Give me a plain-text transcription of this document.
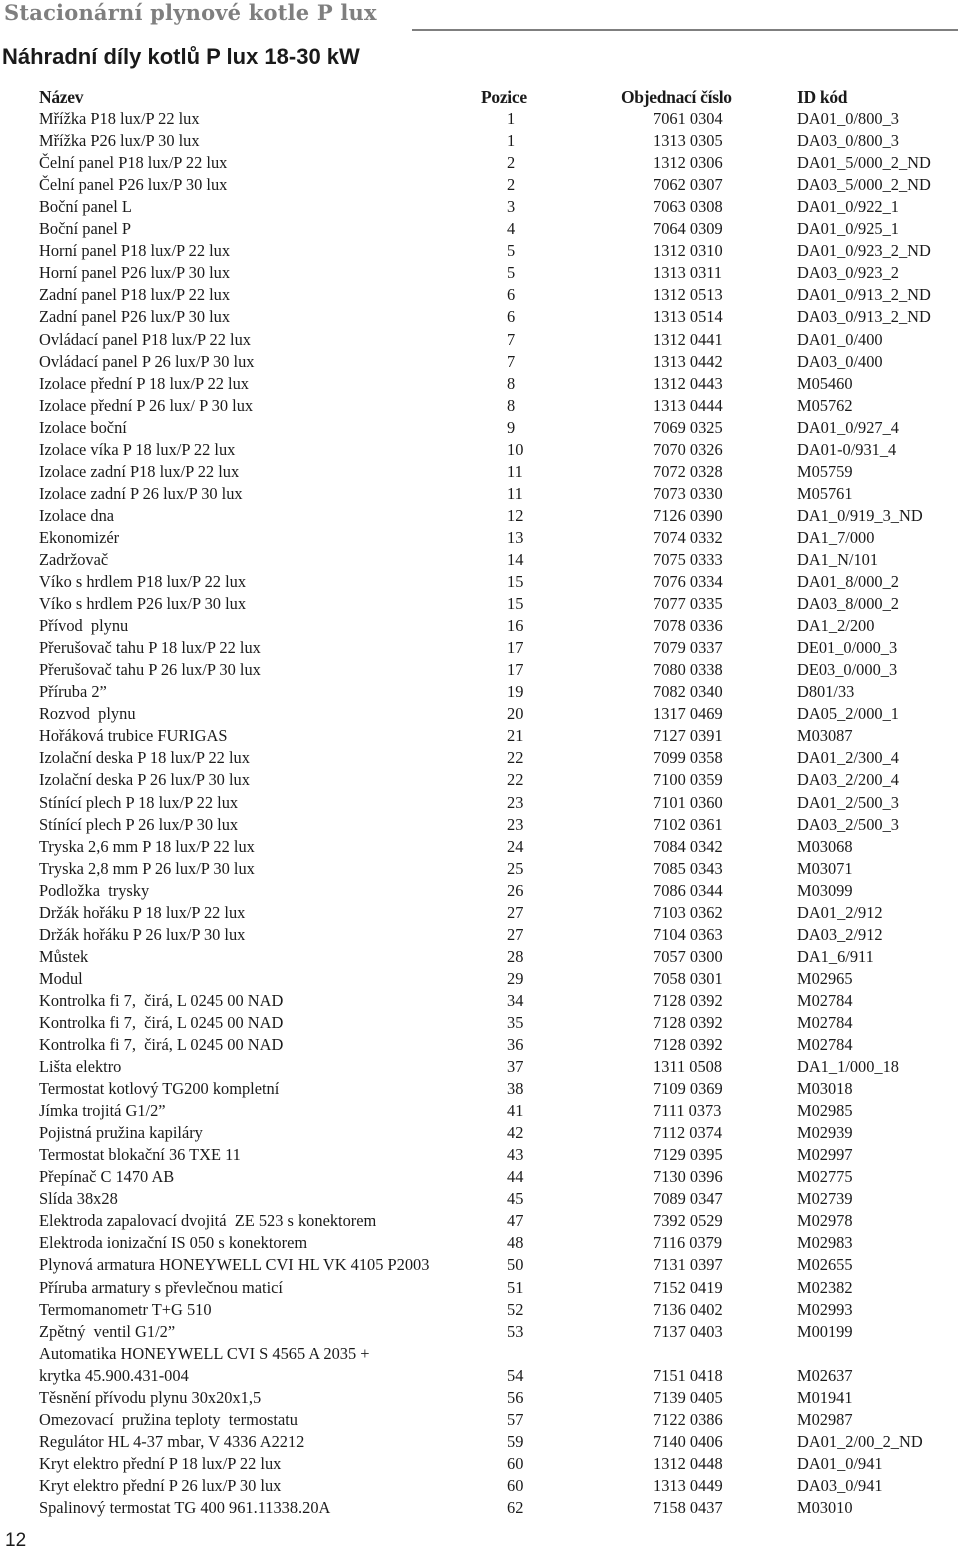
Stacionární plynové kotle P lux
Náhradní díly kotlů P lux 18-30 kW
Název	Pozice	Objednací číslo	ID kód
Mřížka P18 lux/P 22 lux	1	7061 0304	DA01_0/800_3
Mřížka P26 lux/P 30 lux	1	1313 0305	DA03_0/800_3
Čelní panel P18 lux/P 22 lux	2	1312 0306	DA01_5/000_2_ND
Čelní panel P26 lux/P 30 lux	2	7062 0307	DA03_5/000_2_ND
Boční panel L	3	7063 0308	DA01_0/922_1
Boční panel P	4	7064 0309	DA01_0/925_1
Horní panel P18 lux/P 22 lux	5	1312 0310	DA01_0/923_2_ND
Horní panel P26 lux/P 30 lux	5	1313 0311	DA03_0/923_2
Zadní panel P18 lux/P 22 lux	6	1312 0513	DA01_0/913_2_ND
Zadní panel P26 lux/P 30 lux	6	1313 0514	DA03_0/913_2_ND
Ovládací panel P18 lux/P 22 lux	7	1312 0441	DA01_0/400
Ovládací panel P 26 lux/P 30 lux	7	1313 0442	DA03_0/400
Izolace přední P 18 lux/P 22 lux	8	1312 0443	M05460
Izolace přední P 26 lux/ P 30 lux	8	1313 0444	M05762
Izolace boční	9	7069 0325	DA01_0/927_4
Izolace víka P 18 lux/P 22 lux	10	7070 0326	DA01-0/931_4
Izolace zadní P18 lux/P 22 lux	11	7072 0328	M05759
Izolace zadní P 26 lux/P 30 lux	11	7073 0330	M05761
Izolace dna	12	7126 0390	DA1_0/919_3_ND
Ekonomizér	13	7074 0332	DA1_7/000
Zadržovač	14	7075 0333	DA1_N/101
Víko s hrdlem P18 lux/P 22 lux	15	7076 0334	DA01_8/000_2
Víko s hrdlem P26 lux/P 30 lux	15	7077 0335	DA03_8/000_2
Přívod  plynu	16	7078 0336	DA1_2/200
Přerušovač tahu P 18 lux/P 22 lux	17	7079 0337	DE01_0/000_3
Přerušovač tahu P 26 lux/P 30 lux	17	7080 0338	DE03_0/000_3
Příruba 2”	19	7082 0340	D801/33
Rozvod  plynu	20	1317 0469	DA05_2/000_1
Hořáková trubice FURIGAS	21	7127 0391	M03087
Izolační deska P 18 lux/P 22 lux	22	7099 0358	DA01_2/300_4
Izolační deska P 26 lux/P 30 lux	22	7100 0359	DA03_2/200_4
Stínící plech P 18 lux/P 22 lux	23	7101 0360	DA01_2/500_3
Stínící plech P 26 lux/P 30 lux	23	7102 0361	DA03_2/500_3
Tryska 2,6 mm P 18 lux/P 22 lux	24	7084 0342	M03068
Tryska 2,8 mm P 26 lux/P 30 lux	25	7085 0343	M03071
Podložka  trysky	26	7086 0344	M03099
Držák hořáku P 18 lux/P 22 lux	27	7103 0362	DA01_2/912
Držák hořáku P 26 lux/P 30 lux	27	7104 0363	DA03_2/912
Můstek	28	7057 0300	DA1_6/911
Modul	29	7058 0301	M02965
Kontrolka fi 7,  čirá, L 0245 00 NAD	34	7128 0392	M02784
Kontrolka fi 7,  čirá, L 0245 00 NAD	35	7128 0392	M02784
Kontrolka fi 7,  čirá, L 0245 00 NAD	36	7128 0392	M02784
Lišta elektro	37	1311 0508	DA1_1/000_18
Termostat kotlový TG200 kompletní	38	7109 0369	M03018
Jímka trojitá G1/2”	41	7111 0373	M02985
Pojistná pružina kapiláry	42	7112 0374	M02939
Termostat blokační 36 TXE 11	43	7129 0395	M02997
Přepínač C 1470 AB	44	7130 0396	M02775
Slída 38x28	45	7089 0347	M02739
Elektroda zapalovací dvojitá  ZE 523 s konektorem	47	7392 0529	M02978
Elektroda ionizační IS 050 s konektorem	48	7116 0379	M02983
Plynová armatura HONEYWELL CVI HL VK 4105 P2003	50	7131 0397	M02655
Příruba armatury s převlečnou maticí	51	7152 0419	M02382
Termomanometr T+G 510	52	7136 0402	M02993
Zpětný  ventil G1/2”	53	7137 0403	M00199
Automatika HONEYWELL CVI S 4565 A 2035 +
krytka 45.900.431-004	54	7151 0418	M02637
Těsnění přívodu plynu 30x20x1,5	56	7139 0405	M01941
Omezovací  pružina teploty  termostatu	57	7122 0386	M02987
Regulátor HL 4-37 mbar, V 4336 A2212	59	7140 0406	DA01_2/00_2_ND
Kryt elektro přední P 18 lux/P 22 lux	60	1312 0448	DA01_0/941
Kryt elektro přední P 26 lux/P 30 lux	60	1313 0449	DA03_0/941
Spalinový termostat TG 400 961.11338.20A	62	7158 0437	M03010
12
